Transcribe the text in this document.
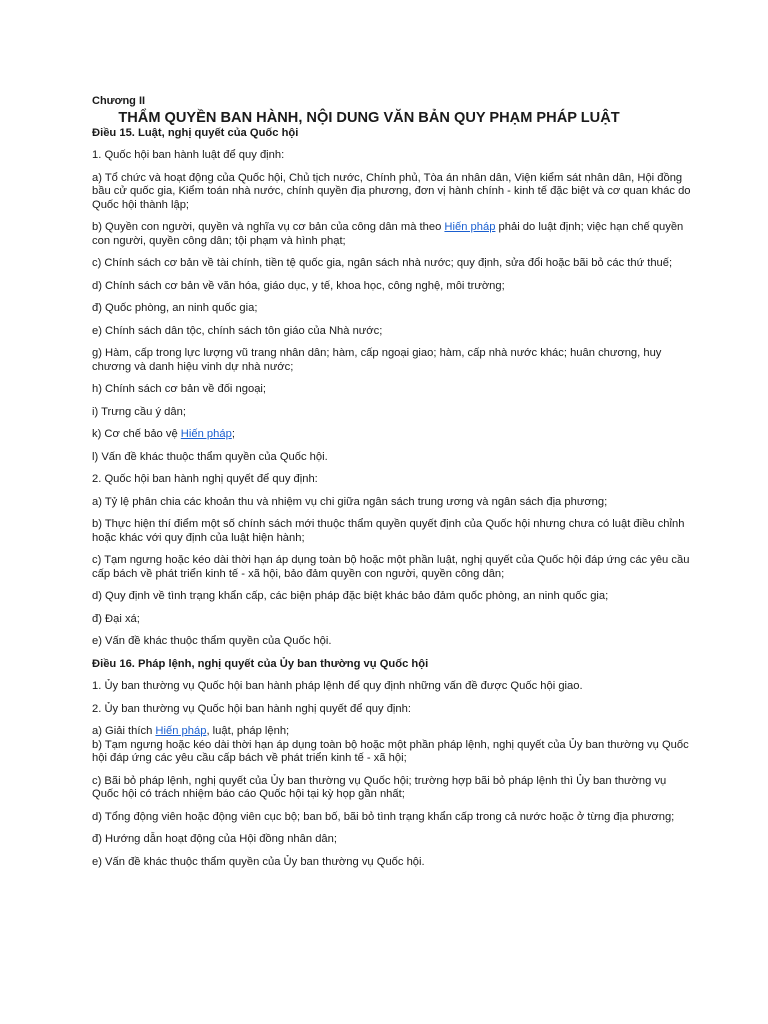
Chương II

THẨM QUYỀN BAN HÀNH, NỘI DUNG VĂN BẢN QUY PHẠM PHÁP LUẬT

Điều 15. Luật, nghị quyết của Quốc hội

1. Quốc hội ban hành luật để quy định:

a) Tổ chức và hoạt động của Quốc hội, Chủ tịch nước, Chính phủ, Tòa án nhân dân, Viện kiểm sát nhân dân, Hội đồng bầu cử quốc gia, Kiểm toán nhà nước, chính quyền địa phương, đơn vị hành chính - kinh tế đặc biệt và cơ quan khác do Quốc hội thành lập;

b) Quyền con người, quyền và nghĩa vụ cơ bản của công dân mà theo Hiến pháp phải do luật định; việc hạn chế quyền con người, quyền công dân; tội phạm và hình phạt;

c) Chính sách cơ bản về tài chính, tiền tệ quốc gia, ngân sách nhà nước; quy định, sửa đổi hoặc bãi bỏ các thứ thuế;

d) Chính sách cơ bản về văn hóa, giáo dục, y tế, khoa học, công nghệ, môi trường;

đ) Quốc phòng, an ninh quốc gia;

e) Chính sách dân tộc, chính sách tôn giáo của Nhà nước;

g) Hàm, cấp trong lực lượng vũ trang nhân dân; hàm, cấp ngoại giao; hàm, cấp nhà nước khác; huân chương, huy chương và danh hiệu vinh dự nhà nước;

h) Chính sách cơ bản về đối ngoại;

i) Trưng cầu ý dân;

k) Cơ chế bảo vệ Hiến pháp;

l) Vấn đề khác thuộc thẩm quyền của Quốc hội.

2. Quốc hội ban hành nghị quyết để quy định:

a) Tỷ lệ phân chia các khoản thu và nhiệm vụ chi giữa ngân sách trung ương và ngân sách địa phương;

b) Thực hiện thí điểm một số chính sách mới thuộc thẩm quyền quyết định của Quốc hội nhưng chưa có luật điều chỉnh hoặc khác với quy định của luật hiện hành;

c) Tạm ngưng hoặc kéo dài thời hạn áp dụng toàn bộ hoặc một phần luật, nghị quyết của Quốc hội đáp ứng các yêu cầu cấp bách về phát triển kinh tế - xã hội, bảo đảm quyền con người, quyền công dân;

d) Quy định về tình trạng khẩn cấp, các biện pháp đặc biệt khác bảo đảm quốc phòng, an ninh quốc gia;

đ) Đại xá;

e) Vấn đề khác thuộc thẩm quyền của Quốc hội.

Điều 16. Pháp lệnh, nghị quyết của Ủy ban thường vụ Quốc hội

1. Ủy ban thường vụ Quốc hội ban hành pháp lệnh để quy định những vấn đề được Quốc hội giao.

2. Ủy ban thường vụ Quốc hội ban hành nghị quyết để quy định:

a) Giải thích Hiến pháp, luật, pháp lệnh;

b) Tạm ngưng hoặc kéo dài thời hạn áp dụng toàn bộ hoặc một phần pháp lệnh, nghị quyết của Ủy ban thường vụ Quốc hội đáp ứng các yêu cầu cấp bách về phát triển kinh tế - xã hội;

c) Bãi bỏ pháp lệnh, nghị quyết của Ủy ban thường vụ Quốc hội; trường hợp bãi bỏ pháp lệnh thì Ủy ban thường vụ Quốc hội có trách nhiệm báo cáo Quốc hội tại kỳ họp gần nhất;

d) Tổng động viên hoặc động viên cục bộ; ban bố, bãi bỏ tình trạng khẩn cấp trong cả nước hoặc ở từng địa phương;

đ) Hướng dẫn hoạt động của Hội đồng nhân dân;

e) Vấn đề khác thuộc thẩm quyền của Ủy ban thường vụ Quốc hội.
